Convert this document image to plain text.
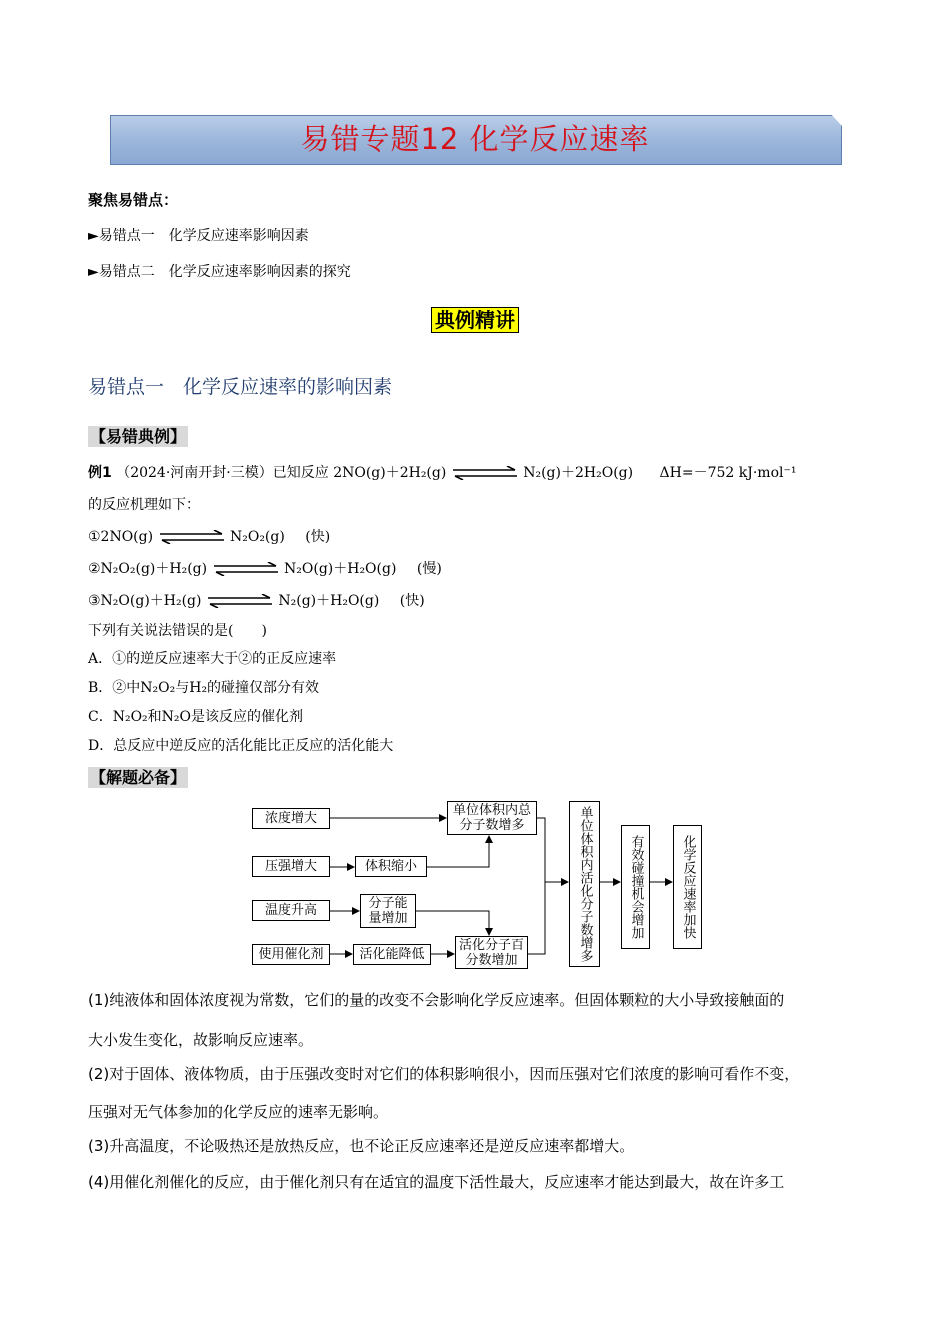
易错专题12 化学反应速率
聚焦易错点：
►易错点一　化学反应速率影响因素
►易错点二　化学反应速率影响因素的探究
典例精讲
易错点一　化学反应速率的影响因素
【易错典例】
例1 （2024·河南开封·三模）已知反应 2NO(g)＋2H₂(g)	N₂(g)＋2H₂O(g) ΔH=－752 kJ·mol⁻¹
的反应机理如下：
①2NO(g)	N₂O₂(g) (快)
②N₂O₂(g)＋H₂(g)	N₂O(g)＋H₂O(g) (慢)
③N₂O(g)＋H₂(g)	N₂(g)＋H₂O(g) (快)
下列有关说法错误的是(　　)
A．①的逆反应速率大于②的正反应速率
B．②中N₂O₂与H₂的碰撞仅部分有效
C．N₂O₂和N₂O是该反应的催化剂
D．总反应中逆反应的活化能比正反应的活化能大
【解题必备】
浓度增大
压强增大
温度升高
使用催化剂
体积缩小
分子能量增加
活化能降低
单位体积内总分子数增多
活化分子百分数增加	单位体积内活化分子数增多	有效碰撞机会增加	化学反应速率加快
(1)纯液体和固体浓度视为常数，它们的量的改变不会影响化学反应速率。但固体颗粒的大小导致接触面的
大小发生变化，故影响反应速率。
(2)对于固体、液体物质，由于压强改变时对它们的体积影响很小，因而压强对它们浓度的影响可看作不变，
压强对无气体参加的化学反应的速率无影响。
(3)升高温度，不论吸热还是放热反应，也不论正反应速率还是逆反应速率都增大。
(4)用催化剂催化的反应，由于催化剂只有在适宜的温度下活性最大，反应速率才能达到最大，故在许多工
